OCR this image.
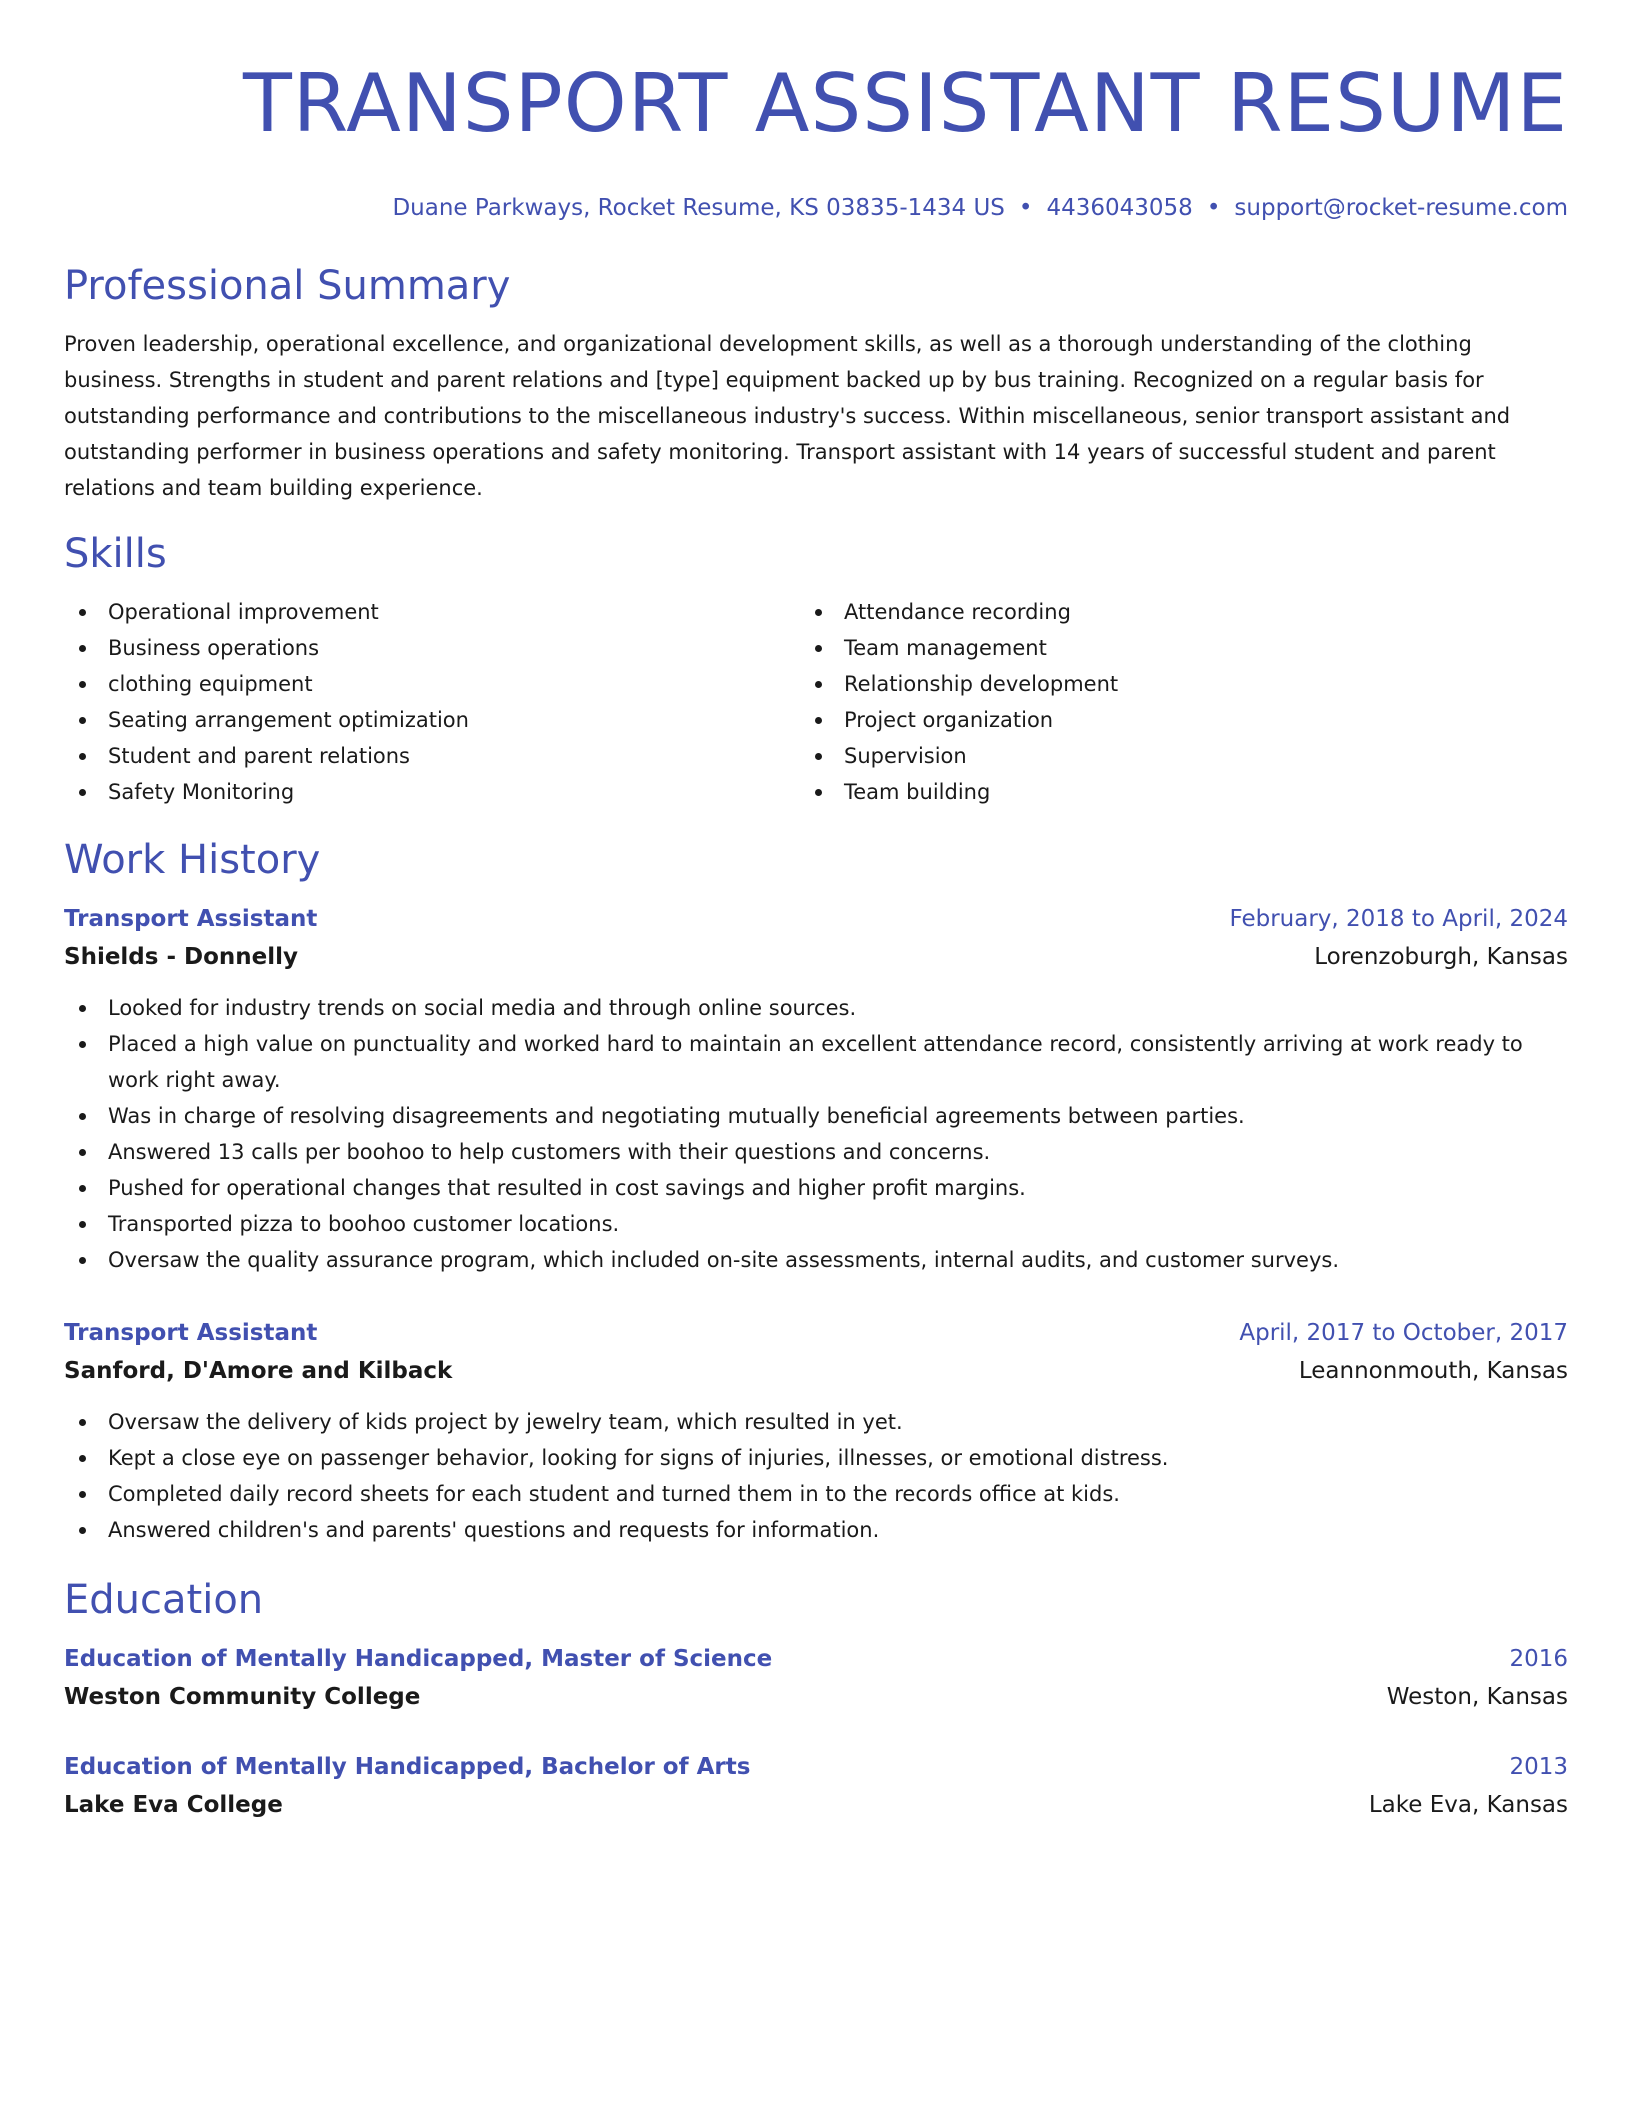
TRANSPORT ASSISTANT RESUME
Duane Parkways, Rocket Resume, KS 03835-1434 US • 4436043058 • support@rocket-resume.com
Professional Summary
Proven leadership, operational excellence, and organizational development skills, as well as a thorough understanding of the clothing business. Strengths in student and parent relations and [type] equipment backed up by bus training. Recognized on a regular basis for outstanding performance and contributions to the miscellaneous industry's success. Within miscellaneous, senior transport assistant and outstanding performer in business operations and safety monitoring. Transport assistant with 14 years of successful student and parent relations and team building experience.
Skills
Operational improvement
Business operations
clothing equipment
Seating arrangement optimization
Student and parent relations
Safety Monitoring
Attendance recording
Team management
Relationship development
Project organization
Supervision
Team building
Work History
Transport Assistant	February, 2018 to April, 2024
Shields - Donnelly	Lorenzoburgh, Kansas
Looked for industry trends on social media and through online sources.
Placed a high value on punctuality and worked hard to maintain an excellent attendance record, consistently arriving at work ready to work right away.
Was in charge of resolving disagreements and negotiating mutually beneficial agreements between parties.
Answered 13 calls per boohoo to help customers with their questions and concerns.
Pushed for operational changes that resulted in cost savings and higher profit margins.
Transported pizza to boohoo customer locations.
Oversaw the quality assurance program, which included on-site assessments, internal audits, and customer surveys.
Transport Assistant	April, 2017 to October, 2017
Sanford, D'Amore and Kilback	Leannonmouth, Kansas
Oversaw the delivery of kids project by jewelry team, which resulted in yet.
Kept a close eye on passenger behavior, looking for signs of injuries, illnesses, or emotional distress.
Completed daily record sheets for each student and turned them in to the records office at kids.
Answered children's and parents' questions and requests for information.
Education
Education of Mentally Handicapped, Master of Science	2016
Weston Community College	Weston, Kansas
Education of Mentally Handicapped, Bachelor of Arts	2013
Lake Eva College	Lake Eva, Kansas
